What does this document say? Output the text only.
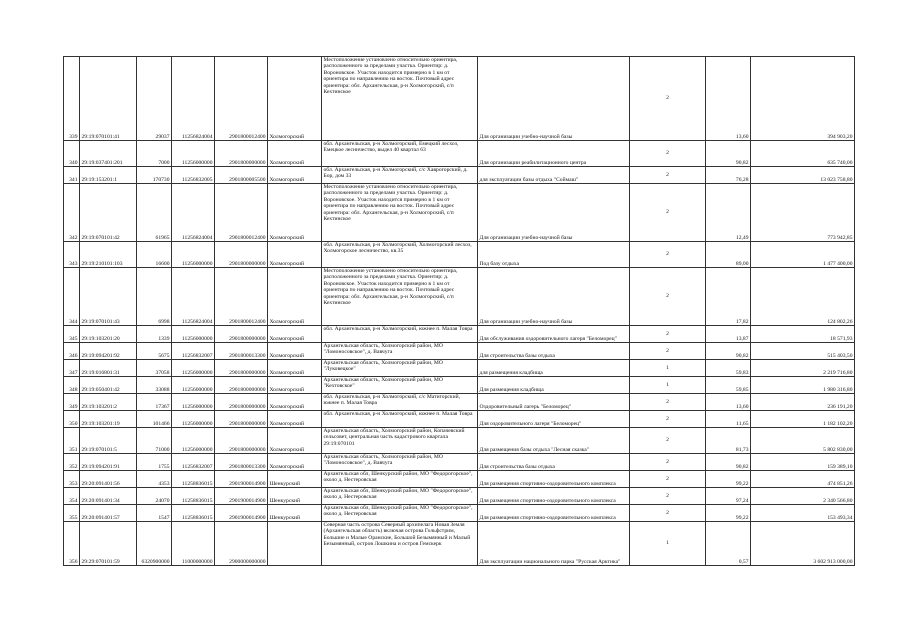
339	29:19:070101:41	29037	11256824004	2901800012400	Холмогорский	Местоположение установлено относительно ориентира, расположенного за пределами участка. Ориентир: д. Вороновское. Участок находится примерно в 1 км от ориентира по направлению на восток. Почтовый адрес ориентира: обл. Архангельская, р-н Холмогорский, с/п Кехтинское	Для организации учебно-научной базы	2	13,60	394 903,20
340	29:19:037401:201	7000	11256000000	2901800000000	Холмогорский	обл. Архангельская, р-н Холмогорский, Емецкий лесхоз, Емецкое лесничество, выдел 40 квартал 63	Для организации реабилитационного центра	2	90,82	635 740,00
341	29:19:153201:1	170730	11256832005	2901800005500	Холмогорский	обл. Архангельская, р-н Холмогорский, с/с Хаврогорский, д. Бор, дом 33	для эксплуатации базы отдыха "Соймаш"	2	76,28	13 023 758,80
342	29:19:070101:42	61965	11256824004	2901800012400	Холмогорский	Местоположение установлено относительно ориентира, расположенного за пределами участка. Ориентир: д. Вороновское. Участок находится примерно в 1 км от ориентира по направлению на восток. Почтовый адрес ориентира: обл. Архангельская, р-н Холмогорский, с/п Кехтинское	Для организации учебно-научной базы	2	12,49	773 942,85
343	29:19:210101:103	16600	11256000000	2901800000000	Холмогорский	обл. Архангельская, р-н Холмогорский, Холмогорский лесхоз, Холмогорское лесничество, кв.35	Под базу отдыха	2	89,00	1 477 400,00
344	29:19:070101:43	6998	11256824004	2901800012400	Холмогорский	Местоположение установлено относительно ориентира, расположенного за пределами участка. Ориентир: д. Вороновское. Участок находится примерно в 1 км от ориентира по направлению на восток. Почтовый адрес ориентира: обл. Архангельская, р-н Холмогорский, с/п Кехтинское	Для организации учебно-научной базы	2	17,82	124 802,26
345	29:19:103201:20	1339	11256000000	2901800000000	Холмогорский	обл. Архангельская, р-н Холмогорский, южнее п. Малая Товра	Для обслуживания оздоровительного лагеря "Беломорец"	2	13,87	18 571,93
346	29:19:094201:92	5675	11256832007	2901800013300	Холмогорский	Архангельская область, Холмогорский район, МО "Ломоносовское", д. Вавчуга	Для строительства базы отдыха	2	90,82	515 403,50
347	29:19:016801:31	37058	11256000000	2901800000000	Холмогорский	Архангельская область, Холмогорский район, МО "Луковецкое"	для размещения кладбища	1	59,83	2 219 716,80
348	29:19:050401:42	33088	11256000000	2901800000000	Холмогорский	Архангельская область, Холмогорский район, МО "Кехтовское"	Для размещения кладбища	1	59,85	1 980 316,80
349	29:19:103201:2	17367	11256000000	2901800000000	Холмогорский	обл. Архангельская, р-н Холмогорский, с/с Матигорский, южнее п. Малая Товра	Оздоровительный лагерь "Беломорец"	2	13,60	236 191,20
350	29:19:103201:19	101466	11256000000	2901800000000	Холмогорский	обл. Архангельская, р-н Холмогорский, южнее п. Малая Товра	Для оздоровительного лагеря "Беломорец"	2	11,65	1 182 102,20
351	29:19:070101:5	71000	11256000000	2901800000000	Холмогорский	Архангельская область, Холмогорский район, Копачевский сельсовет, центральная часть кадастрового квартала 29:19:070101	Для размещения базы отдыха "Лесная сказка"	2	81,73	5 802 830,00
352	29:19:094201:91	1755	11256832007	2901800013300	Холмогорский	Архангельская область, Холмогорский район, МО "Ломоносовское", д. Вавчуга	Для строительства базы отдыха	2	90,82	159 389,10
353	29:20:091401:56	4353	11258836015	2901900014900	Шенкурский	Архангельская обл, Шенкурский район, МО "Федорогорское", около д. Нестеровская	Для размещения спортивно-оздоровительного комплекса	2	99,22	474 851,26
354	29:20:091401:34	24070	11258836015	2901900014900	Шенкурский	Архангельская обл, Шенкурский район, МО "Федорогорское", около д. Нестеровская	Для размещения спортивно-оздоровительного комплекса	2	97,24	2 340 566,80
355	29:20:091401:57	1547	11258836015	2901900014900	Шенкурский	Архангельская обл, Шенкурский район, МО "Федорогорское", около д. Нестеровская	Для размещения спортивно-оздоровительного комплекса	2	99,22	153 493,34
356	29:29:070101:59	6320900000	11000000000	2900000000000		Северная часть острова Северный архипелага Новая Земля (Архангельская область) включая острова Гольфстрим, Большие и Малые Оранские, Большой Безымянный и Малый Безымянный, остров Лошкина и остров Гемскерк	Для эксплуатации национального парка "Русская Арктика"	1	0,57	3 602 913 000,00
